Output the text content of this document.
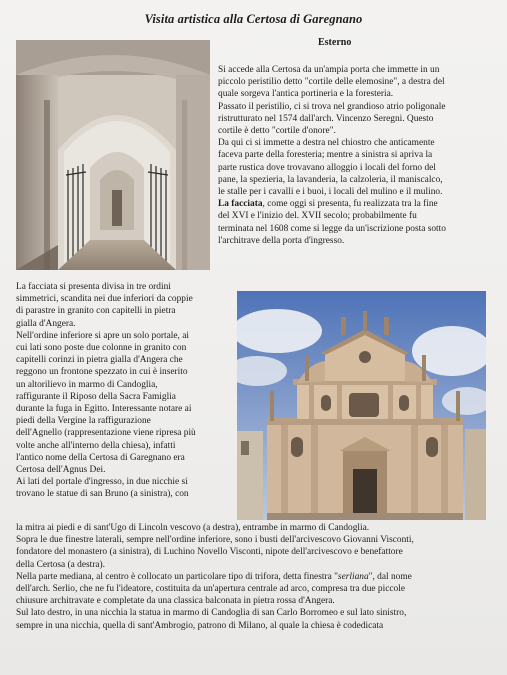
Visita artistica alla Certosa di Garegnano
Esterno
Si accede alla Certosa da un'ampia porta che immette in un
piccolo peristilio detto "cortile delle elemosine", a destra del
quale sorgeva l'antica portineria e la foresteria.
Passato il peristilio, ci si trova nel grandioso atrio poligonale
ristrutturato nel 1574 dall'arch. Vincenzo Seregni. Questo
cortile è detto "cortile d'onore".
Da qui ci si immette a destra nel chiostro che anticamente
faceva parte della foresteria; mentre a sinistra si apriva la
parte rustica dove trovavano alloggio i locali del forno del
pane, la spezieria, la lavanderia, la calzoleria, il maniscalco,
le stalle per i cavalli e i buoi, i locali del mulino e il mulino.
La facciata, come oggi si presenta, fu realizzata tra la fine
del XVI e l'inizio del. XVII secolo; probabilmente fu
terminata nel 1608 come si legge da un'iscrizione posta sotto
l'architrave della porta d'ingresso.
La facciata si presenta divisa in tre ordini
simmetrici, scandita nei due inferiori da coppie
di parastre in granito con capitelli in pietra
gialla d'Angera.
Nell'ordine inferiore si apre un solo portale, ai
cui lati sono poste due colonne in granito con
capitelli corinzi in pietra gialla d'Angera che
reggono un frontone spezzato in cui è inserito
un altorilievo in marmo di Candoglia,
raffigurante il Riposo della Sacra Famiglia
durante la fuga in Egitto. Interessante notare ai
piedi della Vergine la raffigurazione
dell'Agnello (rappresentazione viene ripresa più
volte anche all'interno della chiesa), infatti
l'antico nome della Certosa di Garegnano era
Certosa dell'Agnus Dei.
Ai lati del portale d'ingresso, in due nicchie si
trovano le statue di san Bruno (a sinistra), con
la mitra ai piedi e di sant'Ugo di Lincoln vescovo (a destra), entrambe in marmo di Candoglia.
Sopra le due finestre laterali, sempre nell'ordine inferiore, sono i busti dell'arcivescovo Giovanni Visconti,
fondatore del monastero (a sinistra), di Luchino Novello Visconti, nipote dell'arcivescovo e benefattore
della Certosa (a destra).
Nella parte mediana, al centro è collocato un particolare tipo di trifora, detta finestra "serliana", dal nome
dell'arch. Serlio, che ne fu l'ideatore, costituita da un'apertura centrale ad arco, compresa tra due piccole
chiusure architravate e completate da una classica balconata in pietra rossa d'Angera.
Sul lato destro, in una nicchia la statua in marmo di Candoglia di san Carlo Borromeo e sul lato sinistro,
sempre in una nicchia, quella di sant'Ambrogio, patrono di Milano, al quale la chiesa è codedicata
